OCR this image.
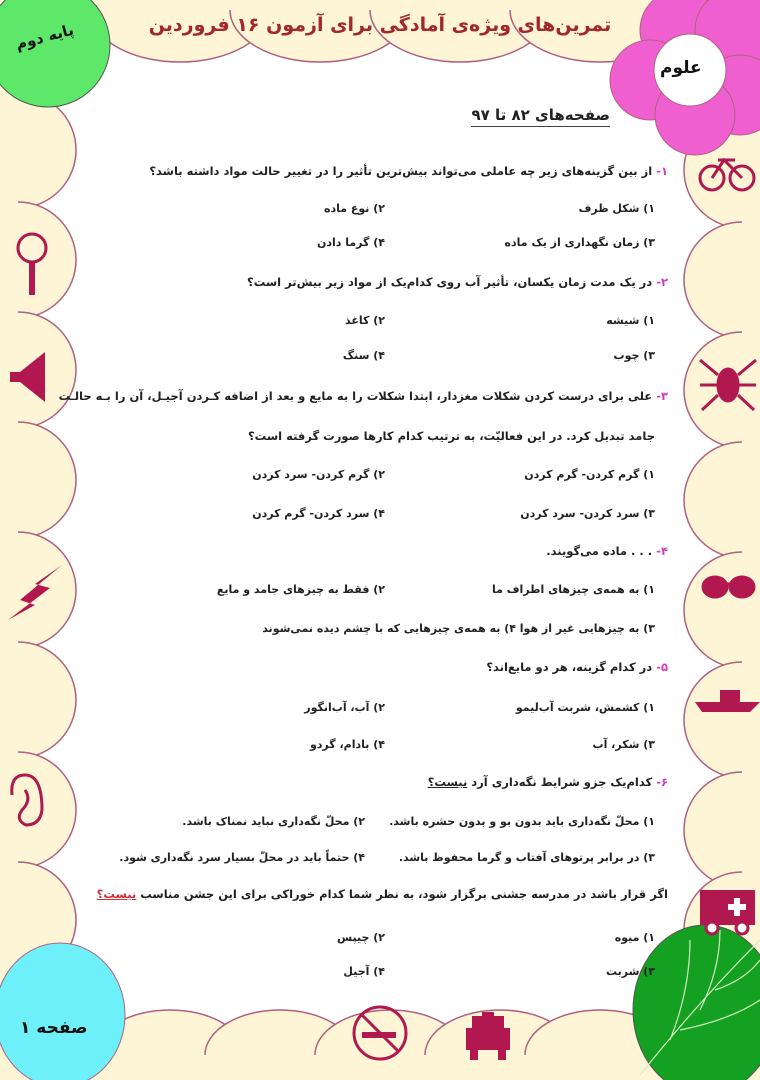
تمرین‌های ویژه‌ی آمادگی برای آزمون ۱۶ فروردین
پایه دوم
علوم
صفحه ۱
صفحه‌های ۸۲ تا ۹۷
۱- از بین گزینه‌های زیر چه عاملی می‌تواند بیش‌ترین تأثیر را در تغییر حالت مواد داشته باشد؟
۱) شکل ظرف
۲) نوع ماده
۳) زمان نگهداری از یک ماده
۴) گرما دادن
۲- در یک مدت زمان یکسان، تأثیر آب روی کدام‌یک از مواد زیر بیش‌تر است؟
۱) شیشه
۲) کاغذ
۳) چوب
۴) سنگ
۳- علی برای درست کردن شکلات مغزدار، ابتدا شکلات را به مایع و بعد از اضافه کـردن آجیـل، آن را بـه حالـت
جامد تبدیل کرد. در این فعالیّت، به ترتیب کدام کارها صورت گرفته است؟
۱) گرم کردن- گرم کردن
۲) گرم کردن- سرد کردن
۳) سرد کردن- سرد کردن
۴) سرد کردن- گرم کردن
۴- . . . ماده می‌گویند.
۱) به همه‌ی چیزهای اطراف ما
۲) فقط به چیزهای جامد و مایع
۳) به چیزهایی غیر از هوا ۴) به همه‌ی چیزهایی که با چشم دیده نمی‌شوند
۵- در کدام گزینه، هر دو مایع‌اند؟
۱) کشمش، شربت آب‌لیمو
۲) آب، آب‌انگور
۳) شکر، آب
۴) بادام، گردو
۶- کدام‌یک جزو شرایط نگه‌داری آرد نیست؟
۱) محلّ نگه‌داری باید بدون بو و بدون حشره باشد.
۲) محلّ نگه‌داری نباید نمناک باشد.
۳) در برابر پرتوهای آفتاب و گرما محفوظ باشد.
۴) حتماً باید در محلّ بسیار سرد نگه‌داری شود.
اگر قرار باشد در مدرسه جشنی برگزار شود، به نظر شما کدام خوراکی برای این جشن مناسب نیست؟
۱) میوه
۲) چیپس
۳) شربت
۴) آجیل
